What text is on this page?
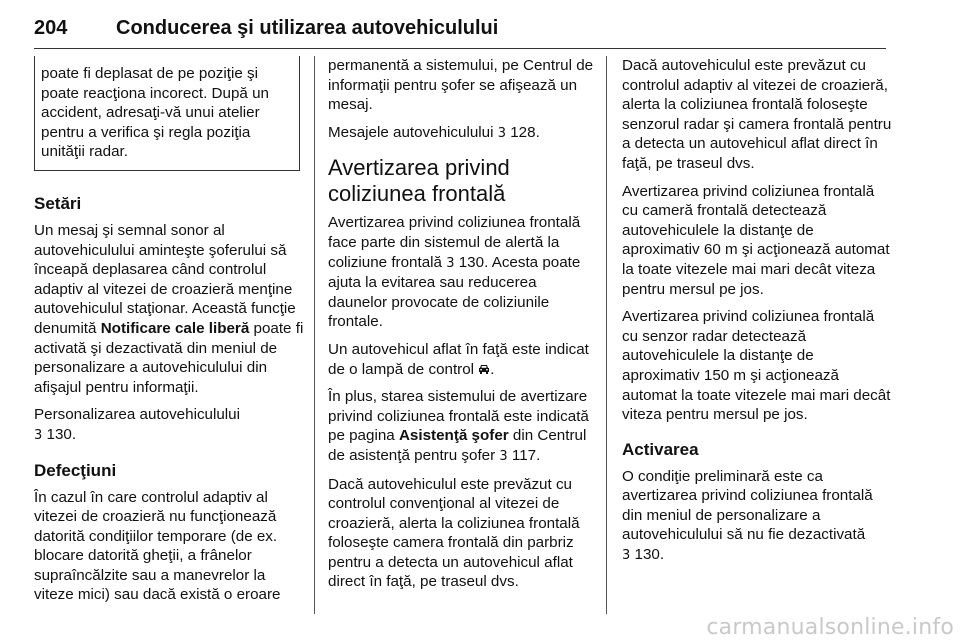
204 Conducerea şi utilizarea autovehiculului
poate fi deplasat de pe poziţie şi poate reacţiona incorect. După un accident, adresaţi-vă unui atelier pentru a verifica şi regla poziţia unităţii radar.
Setări

Un mesaj şi semnal sonor al autovehiculului aminteşte şoferului să înceapă deplasarea când controlul adaptiv al vitezei de croazieră menţine autovehiculul staţionar. Această funcţie denumită Notificare cale liberă poate fi activată şi dezactivată din meniul de personalizare a autovehiculului din afişajul pentru informaţii.

Personalizarea autovehiculului
3 130.

Defecţiuni

În cazul în care controlul adaptiv al vitezei de croazieră nu funcţionează datorită condiţiilor temporare (de ex. blocare datorită gheţii, a frânelor supraîncălzite sau a manevrelor la viteze mici) sau dacă există o eroare

permanentă a sistemului, pe Centrul de informaţii pentru şofer se afişează un mesaj.

Mesajele autovehiculului 3 128.

Avertizarea privind coliziunea frontală

Avertizarea privind coliziunea frontală face parte din sistemul de alertă la coliziune frontală 3 130. Acesta poate ajuta la evitarea sau reducerea daunelor provocate de coliziunile frontale.

Un autovehicul aflat în faţă este indicat de o lampă de control .

În plus, starea sistemului de avertizare privind coliziunea frontală este indicată pe pagina Asistenţă şofer din Centrul de asistenţă pentru şofer 3 117.

Dacă autovehiculul este prevăzut cu controlul convenţional al vitezei de croazieră, alerta la coliziunea frontală foloseşte camera frontală din parbriz pentru a detecta un autovehicul aflat direct în faţă, pe traseul dvs.

Dacă autovehiculul este prevăzut cu controlul adaptiv al vitezei de croazieră, alerta la coliziunea frontală foloseşte senzorul radar şi camera frontală pentru a detecta un autovehicul aflat direct în faţă, pe traseul dvs.

Avertizarea privind coliziunea frontală cu cameră frontală detectează autovehiculele la distanţe de aproximativ 60 m şi acţionează automat la toate vitezele mai mari decât viteza pentru mersul pe jos.

Avertizarea privind coliziunea frontală cu senzor radar detectează autovehiculele la distanţe de aproximativ 150 m şi acţionează automat la toate vitezele mai mari decât viteza pentru mersul pe jos.

Activarea

O condiţie preliminară este ca avertizarea privind coliziunea frontală din meniul de personalizare a autovehiculului să nu fie dezactivată
3 130.

carmanualsonline.info
